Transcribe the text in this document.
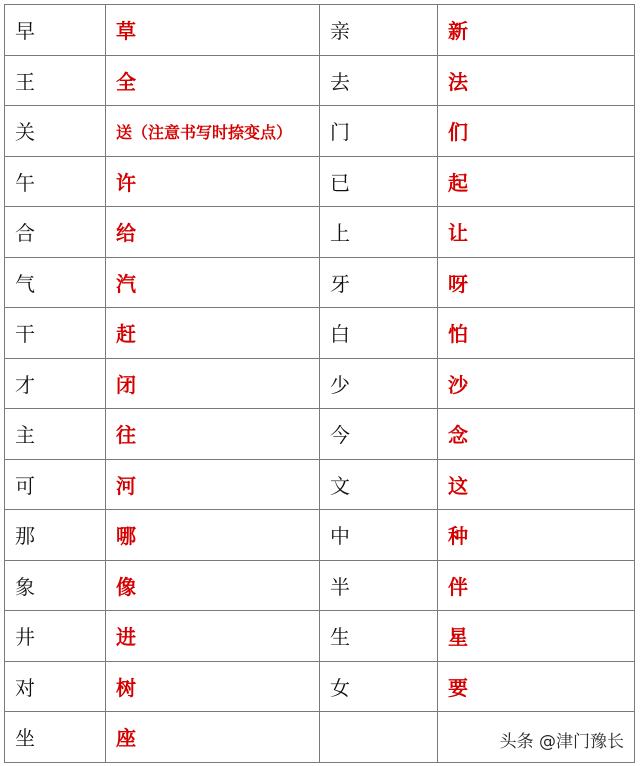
早	草	亲	新
王	全	去	法
关	送（注意书写时捺变点）	门	们
午	许	已	起
合	给	上	让
气	汽	牙	呀
干	赶	白	怕
才	闭	少	沙
主	往	今	念
可	河	文	这
那	哪	中	种
象	像	半	伴
井	进	生	星
对	树	女	要
坐	座			头条 @津门豫长
